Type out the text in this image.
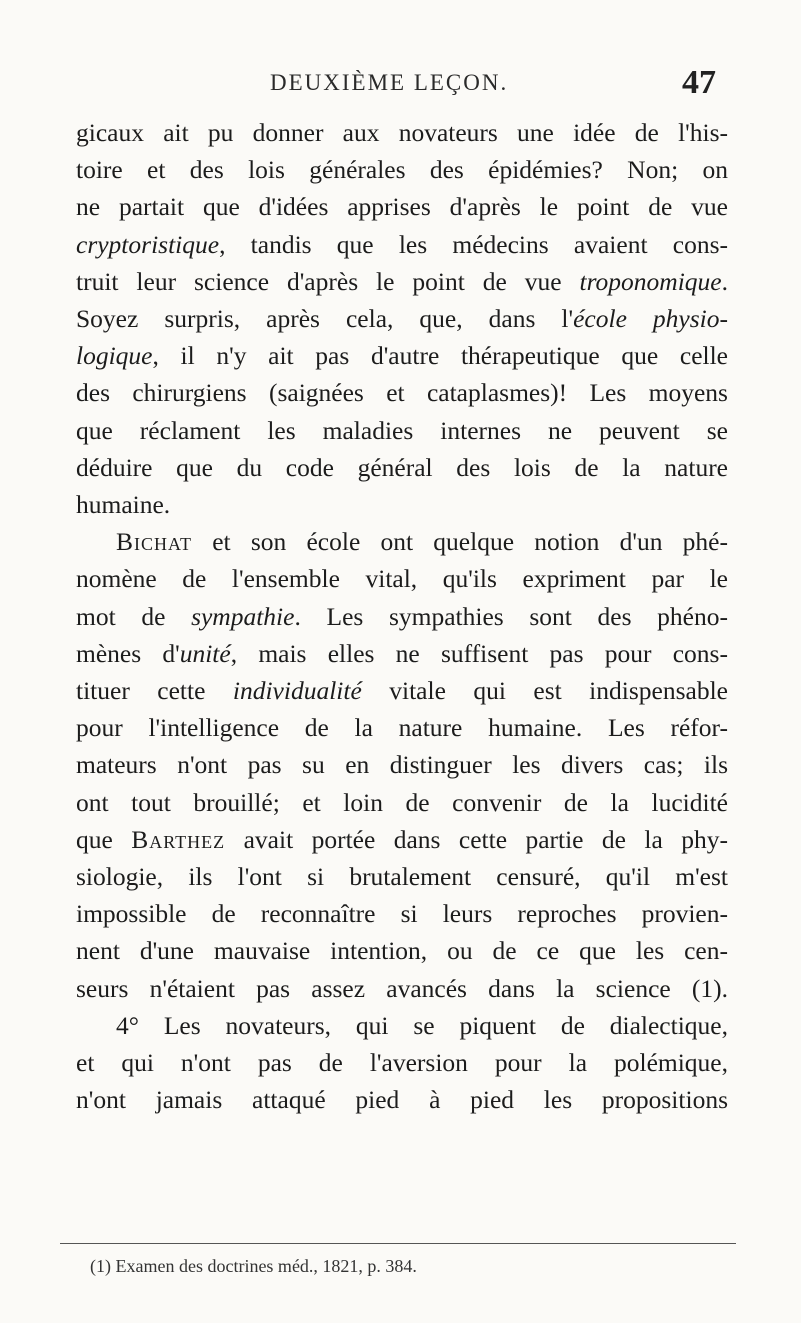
DEUXIÈME LEÇON.	47
gicaux ait pu donner aux novateurs une idée de l'his-
toire et des lois générales des épidémies? Non; on
ne partait que d'idées apprises d'après le point de vue
cryptoristique, tandis que les médecins avaient cons-
truit leur science d'après le point de vue troponomique.
Soyez surpris, après cela, que, dans l'école physio-
logique, il n'y ait pas d'autre thérapeutique que celle
des chirurgiens (saignées et cataplasmes)! Les moyens
que réclament les maladies internes ne peuvent se
déduire que du code général des lois de la nature
humaine.
Bichat et son école ont quelque notion d'un phé-
nomène de l'ensemble vital, qu'ils expriment par le
mot de sympathie. Les sympathies sont des phéno-
mènes d'unité, mais elles ne suffisent pas pour cons-
tituer cette individualité vitale qui est indispensable
pour l'intelligence de la nature humaine. Les réfor-
mateurs n'ont pas su en distinguer les divers cas; ils
ont tout brouillé; et loin de convenir de la lucidité
que Barthez avait portée dans cette partie de la phy-
siologie, ils l'ont si brutalement censuré, qu'il m'est
impossible de reconnaître si leurs reproches provien-
nent d'une mauvaise intention, ou de ce que les cen-
seurs n'étaient pas assez avancés dans la science (1).
4° Les novateurs, qui se piquent de dialectique,
et qui n'ont pas de l'aversion pour la polémique,
n'ont jamais attaqué pied à pied les propositions
(1) Examen des doctrines méd., 1821, p. 384.
